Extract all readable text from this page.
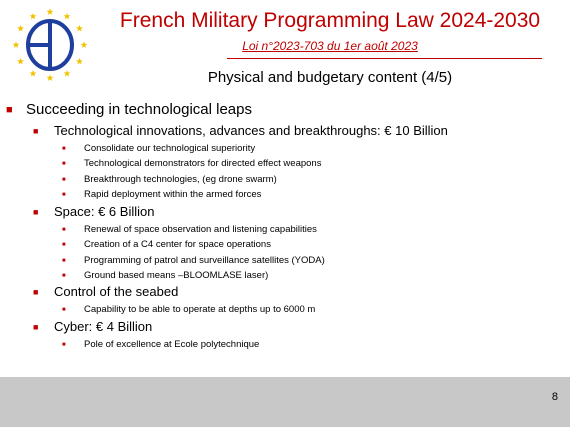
French Military Programming Law 2024-2030
Loi n°2023-703 du 1er août 2023
Physical and budgetary content (4/5)
■ Succeeding in technological leaps
■ Technological innovations, advances and breakthroughs: € 10 Billion
■ Consolidate our technological superiority
■ Technological demonstrators for directed effect weapons
■ Breakthrough technologies, (eg drone swarm)
■ Rapid deployment within the armed forces
■ Space: € 6 Billion
■ Renewal of space observation and listening capabilities
■ Creation of a C4 center for space operations
■ Programming of patrol and surveillance satellites (YODA)
■ Ground based means –BLOOMLASE laser)
■ Control of the seabed
■ Capability to be able to operate at depths up to 6000 m
■ Cyber: € 4 Billion
■ Pole of excellence at Ecole polytechnique
8
